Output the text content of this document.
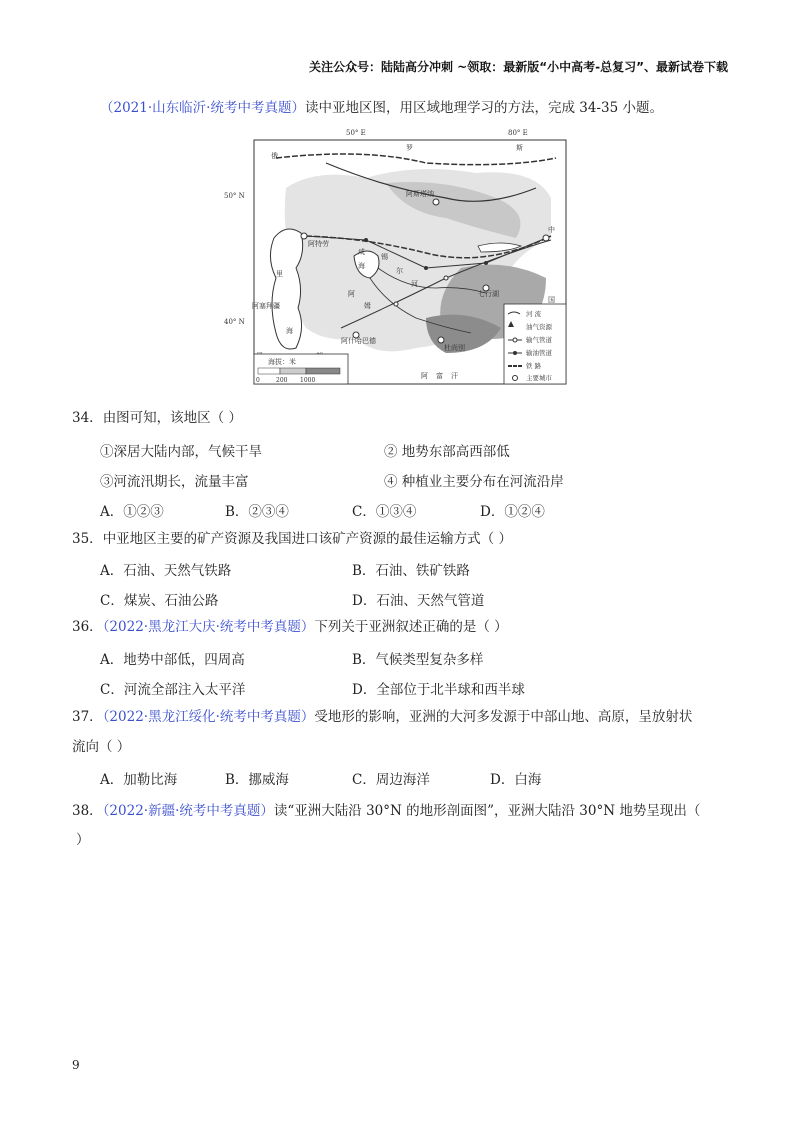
关注公众号：陆陆高分冲刺 ~领取：最新版“小中高考-总复习”、最新试卷下载
（2021·山东临沂·统考中考真题）读中亚地区图，用区域地理学习的方法，完成 34-35 小题。
50° E	80° E
50° N
40° N
俄
罗	斯
阿斯塔纳
阿特劳
里
咸
海
锡
尔
河
阿
姆
阿塞拜疆
海
阿什哈巴德
中
七行湖
杜尚别
阿 富 汗
国
海拔：米
0	200 1000
河 流
油气资源
输气管道
输油管道
铁 路
主要城市
34．由图可知，该地区（ ）
①深居大陆内部，气候干旱	② 地势东部高西部低
③河流汛期长，流量丰富	④ 种植业主要分布在河流沿岸
A．①②③	B．②③④	C．①③④	D．①②④
35．中亚地区主要的矿产资源及我国进口该矿产资源的最佳运输方式（ ）
A．石油、天然气铁路	B．石油、铁矿铁路
C．煤炭、石油公路	D．石油、天然气管道
36．（2022·黑龙江大庆·统考中考真题）下列关于亚洲叙述正确的是（ ）
A．地势中部低，四周高	B．气候类型复杂多样
C．河流全部注入太平洋	D．全部位于北半球和西半球
37．（2022·黑龙江绥化·统考中考真题）受地形的影响，亚洲的大河多发源于中部山地、高原，呈放射状
流向（ ）
A．加勒比海	B．挪威海	C．周边海洋	D．白海
38．（2022·新疆·统考中考真题）读“亚洲大陆沿 30°N 的地形剖面图”，亚洲大陆沿 30°N 地势呈现出（
）
9
